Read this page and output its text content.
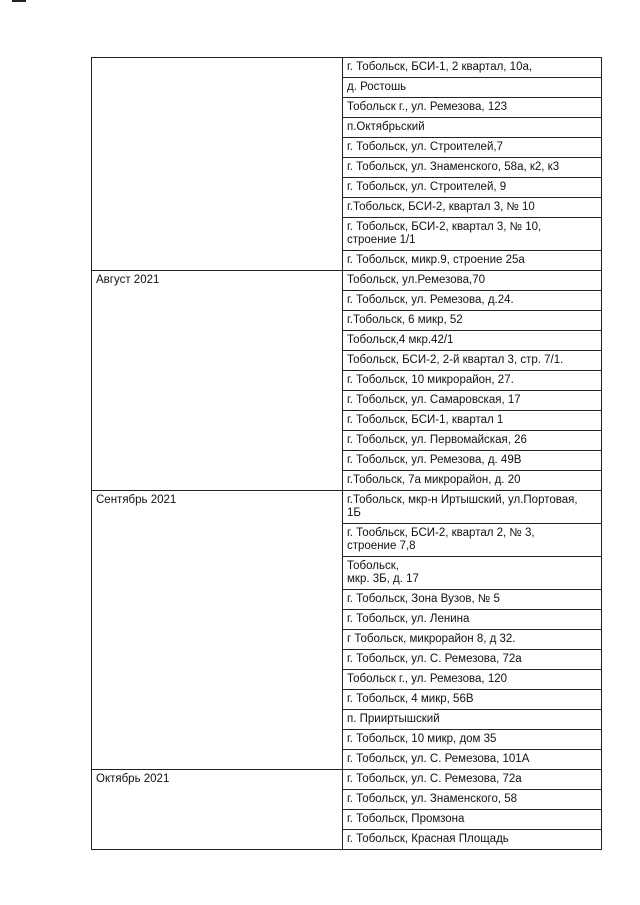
	г. Тобольск, БСИ-1, 2 квартал, 10а,
	д. Ростошь
	Тобольск г., ул. Ремезова, 123
	п.Октябрьский
	г. Тобольск, ул. Строителей,7
	г. Тобольск, ул. Знаменского, 58а, к2, к3
	г. Тобольск, ул. Строителей, 9
	г.Тобольск, БСИ-2, квартал 3, № 10
	г. Тобольск, БСИ-2, квартал 3, № 10,
строение 1/1
	г. Тобольск, микр.9, строение 25а
Август 2021	Тобольск, ул.Ремезова,70
	г. Тобольск, ул. Ремезова, д.24.
	г.Тобольск, 6 микр, 52
	Тобольск,4 мкр.42/1
	Тобольск, БСИ-2, 2-й квартал 3, стр. 7/1.
	г. Тобольск, 10 микрорайон, 27.
	г. Тобольск, ул. Самаровская, 17
	г. Тобольск, БСИ-1, квартал 1
	г. Тобольск, ул. Первомайская, 26
	г. Тобольск, ул. Ремезова, д. 49В
	г.Тобольск, 7а микрорайон, д. 20
Сентябрь 2021	г.Тобольск, мкр-н Иртышский, ул.Портовая,
1Б
	г. Тообльск, БСИ-2, квартал 2, № 3,
строение 7,8
	Тобольск,
мкр. 3Б, д. 17
	г. Тобольск, Зона Вузов, № 5
	г. Тобольск, ул. Ленина
	г Тобольск, микрорайон 8, д 32.
	г. Тобольск, ул. С. Ремезова, 72а
	Тобольск г., ул. Ремезова, 120
	г. Тобольск, 4 микр, 56В
	п. Прииртышский
	г. Тобольск, 10 микр, дом 35
	г. Тобольск, ул. С. Ремезова, 101А
Октябрь 2021	г. Тобольск, ул. С. Ремезова, 72а
	г. Тобольск, ул. Знаменского, 58
	г. Тобольск, Промзона
	г. Тобольск, Красная Площадь
